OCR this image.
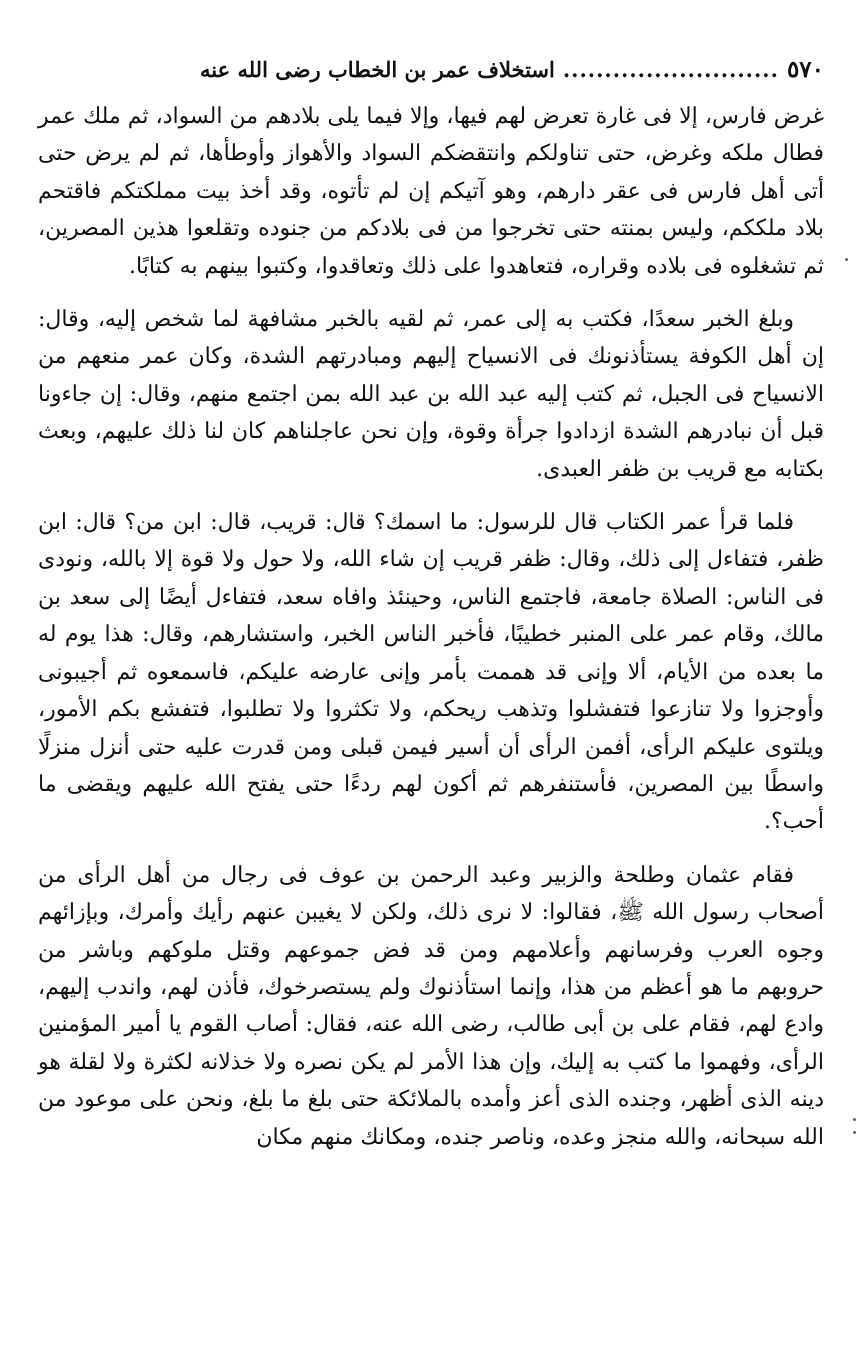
٥٧٠
..........................
استخلاف عمر بن الخطاب رضى الله عنه

غرض فارس، إلا فى غارة تعرض لهم فيها، وإلا فيما يلى بلادهم من السواد، ثم ملك عمر فطال ملكه وغرض، حتى تناولكم وانتقضكم السواد والأهواز وأوطأها، ثم لم يرض حتى أتى أهل فارس فى عقر دارهم، وهو آتيكم إن لم تأتوه، وقد أخذ بيت مملكتكم فاقتحم بلاد ملككم، وليس بمنته حتى تخرجوا من فى بلادكم من جنوده وتقلعوا هذين المصرين، ثم تشغلوه فى بلاده وقراره، فتعاهدوا على ذلك وتعاقدوا، وكتبوا بينهم به كتابًا.

وبلغ الخبر سعدًا، فكتب به إلى عمر، ثم لقيه بالخبر مشافهة لما شخص إليه، وقال: إن أهل الكوفة يستأذنونك فى الانسياح إليهم ومبادرتهم الشدة، وكان عمر منعهم من الانسياح فى الجبل، ثم كتب إليه عبد الله بن عبد الله بمن اجتمع منهم، وقال: إن جاءونا قبل أن نبادرهم الشدة ازدادوا جرأة وقوة، وإن نحن عاجلناهم كان لنا ذلك عليهم، وبعث بكتابه مع قريب بن ظفر العبدى.

فلما قرأ عمر الكتاب قال للرسول: ما اسمك؟ قال: قريب، قال: ابن من؟ قال: ابن ظفر، فتفاءل إلى ذلك، وقال: ظفر قريب إن شاء الله، ولا حول ولا قوة إلا بالله، ونودى فى الناس: الصلاة جامعة، فاجتمع الناس، وحينئذ وافاه سعد، فتفاءل أيضًا إلى سعد بن مالك، وقام عمر على المنبر خطيبًا، فأخبر الناس الخبر، واستشارهم، وقال: هذا يوم له ما بعده من الأيام، ألا وإنى قد هممت بأمر وإنى عارضه عليكم، فاسمعوه ثم أجيبونى وأوجزوا ولا تنازعوا فتفشلوا وتذهب ريحكم، ولا تكثروا ولا تطلبوا، فتفشع بكم الأمور، ويلتوى عليكم الرأى، أفمن الرأى أن أسير فيمن قبلى ومن قدرت عليه حتى أنزل منزلًا واسطًا بين المصرين، فأستنفرهم ثم أكون لهم ردءًا حتى يفتح الله عليهم ويقضى ما أحب؟.

فقام عثمان وطلحة والزبير وعبد الرحمن بن عوف فى رجال من أهل الرأى من أصحاب رسول الله ﷺ، فقالوا: لا نرى ذلك، ولكن لا يغيبن عنهم رأيك وأمرك، وبإزائهم وجوه العرب وفرسانهم وأعلامهم ومن قد فض جموعهم وقتل ملوكهم وباشر من حروبهم ما هو أعظم من هذا، وإنما استأذنوك ولم يستصرخوك، فأذن لهم، واندب إليهم، وادع لهم، فقام على بن أبى طالب، رضى الله عنه، فقال: أصاب القوم يا أمير المؤمنين الرأى، وفهموا ما كتب به إليك، وإن هذا الأمر لم يكن نصره ولا خذلانه لكثرة ولا لقلة هو دينه الذى أظهر، وجنده الذى أعز وأمده بالملائكة حتى بلغ ما بلغ، ونحن على موعود من الله سبحانه، والله منجز وعده، وناصر جنده، ومكانك منهم مكان
